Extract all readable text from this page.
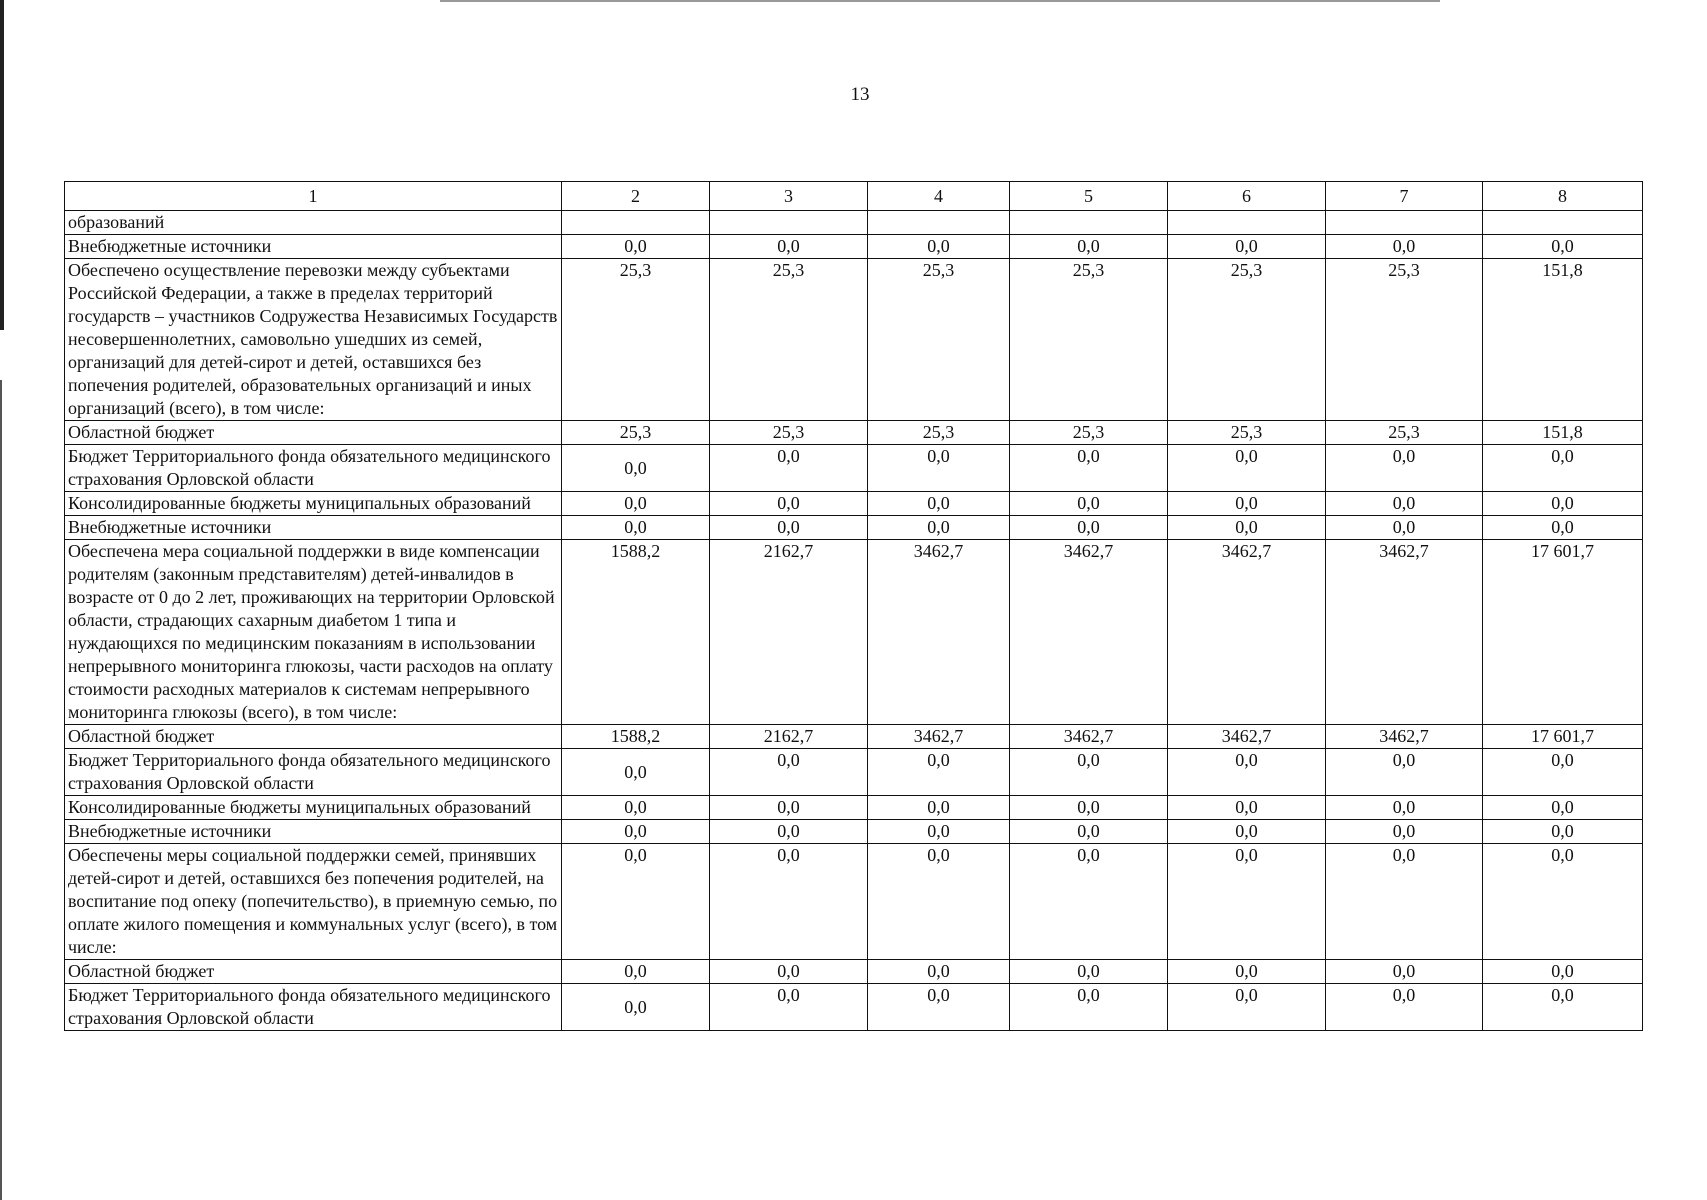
13
1	2	3	4	5	6	7	8
образований							
Внебюджетные источники	0,0	0,0	0,0	0,0	0,0	0,0	0,0
Обеспечено осуществление перевозки между субъектами Российской Федерации, а также в пределах территорий государств – участников Содружества Независимых Государств несовершеннолетних, самовольно ушедших из семей, организаций для детей-сирот и детей, оставшихся без попечения родителей, образовательных организаций и иных организаций (всего), в том числе:	25,3	25,3	25,3	25,3	25,3	25,3	151,8
Областной бюджет	25,3	25,3	25,3	25,3	25,3	25,3	151,8
Бюджет Территориального фонда обязательного медицинского страхования Орловской области	0,0	0,0	0,0	0,0	0,0	0,0	0,0
Консолидированные бюджеты муниципальных образований	0,0	0,0	0,0	0,0	0,0	0,0	0,0
Внебюджетные источники	0,0	0,0	0,0	0,0	0,0	0,0	0,0
Обеспечена мера социальной поддержки в виде компенсации родителям (законным представителям) детей-инвалидов в возрасте от 0 до 2 лет, проживающих на территории Орловской области, страдающих сахарным диабетом 1 типа и нуждающихся по медицинским показаниям в использовании непрерывного мониторинга глюкозы, части расходов на оплату стоимости расходных материалов к системам непрерывного мониторинга глюкозы (всего), в том числе:	1588,2	2162,7	3462,7	3462,7	3462,7	3462,7	17 601,7
Областной бюджет	1588,2	2162,7	3462,7	3462,7	3462,7	3462,7	17 601,7
Бюджет Территориального фонда обязательного медицинского страхования Орловской области	0,0	0,0	0,0	0,0	0,0	0,0	0,0
Консолидированные бюджеты муниципальных образований	0,0	0,0	0,0	0,0	0,0	0,0	0,0
Внебюджетные источники	0,0	0,0	0,0	0,0	0,0	0,0	0,0
Обеспечены меры социальной поддержки семей, принявших детей-сирот и детей, оставшихся без попечения родителей, на воспитание под опеку (попечительство), в приемную семью, по оплате жилого помещения и коммунальных услуг (всего), в том числе:	0,0	0,0	0,0	0,0	0,0	0,0	0,0
Областной бюджет	0,0	0,0	0,0	0,0	0,0	0,0	0,0
Бюджет Территориального фонда обязательного медицинского страхования Орловской области	0,0	0,0	0,0	0,0	0,0	0,0	0,0
